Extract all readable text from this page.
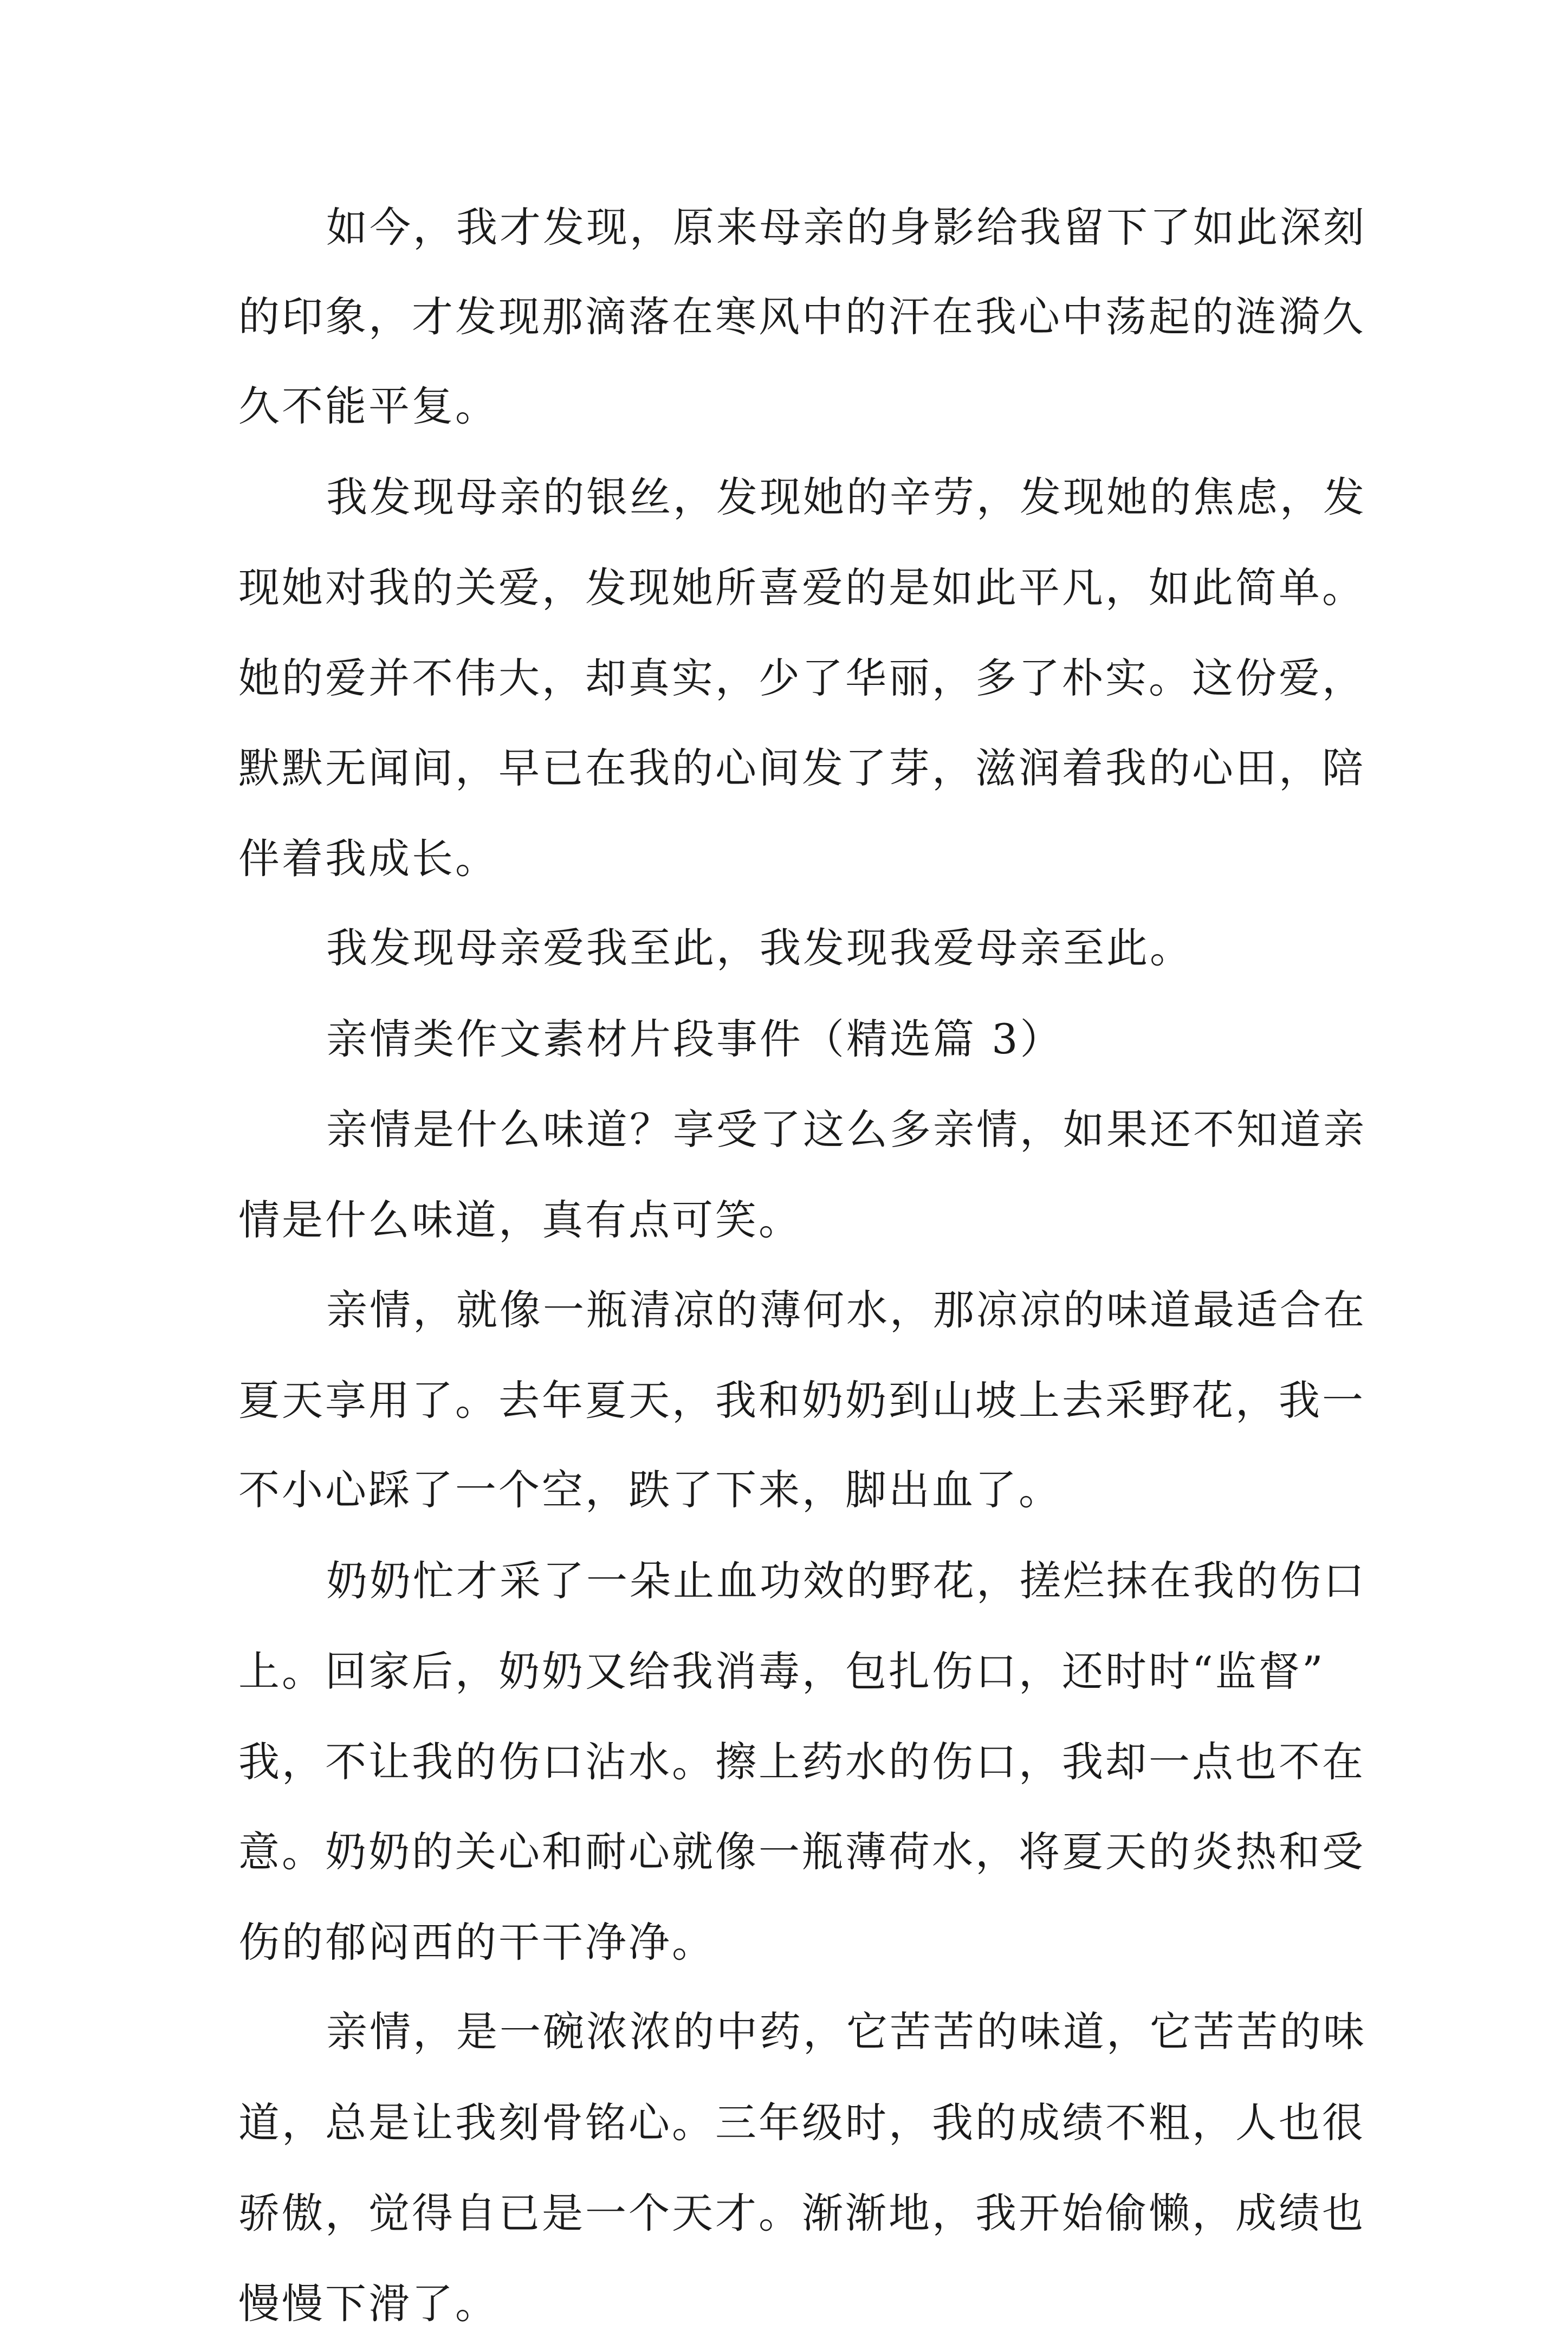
如今，我才发现，原来母亲的身影给我留下了如此深刻
的印象，才发现那滴落在寒风中的汗在我心中荡起的涟漪久
久不能平复。
我发现母亲的银丝，发现她的辛劳，发现她的焦虑，发
现她对我的关爱，发现她所喜爱的是如此平凡，如此简单。
她的爱并不伟大，却真实，少了华丽，多了朴实。这份爱，
默默无闻间，早已在我的心间发了芽，滋润着我的心田，陪
伴着我成长。
我发现母亲爱我至此，我发现我爱母亲至此。
亲情类作文素材片段事件（精选篇 3）
亲情是什么味道？享受了这么多亲情，如果还不知道亲
情是什么味道，真有点可笑。
亲情，就像一瓶清凉的薄何水，那凉凉的味道最适合在
夏天享用了。去年夏天，我和奶奶到山坡上去采野花，我一
不小心踩了一个空，跌了下来，脚出血了。
奶奶忙才采了一朵止血功效的野花，搓烂抹在我的伤口
上。回家后，奶奶又给我消毒，包扎伤口，还时时“监督”
我，不让我的伤口沾水。擦上药水的伤口，我却一点也不在
意。奶奶的关心和耐心就像一瓶薄荷水，将夏天的炎热和受
伤的郁闷西的干干净净。
亲情，是一碗浓浓的中药，它苦苦的味道，它苦苦的味
道，总是让我刻骨铭心。三年级时，我的成绩不粗，人也很
骄傲，觉得自已是一个天才。渐渐地，我开始偷懒，成绩也
慢慢下滑了。
